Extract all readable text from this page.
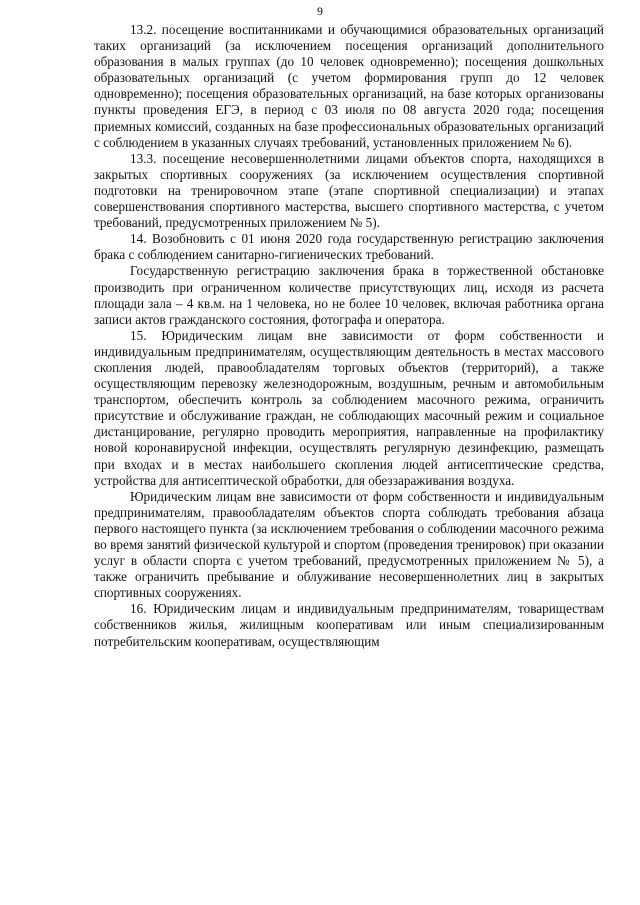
9

13.2. посещение воспитанниками и обучающимися образовательных организаций таких организаций (за исключением посещения организаций дополнительного образования в малых группах (до 10 человек одновременно); посещения дошкольных образовательных организаций (с учетом формирования групп до 12 человек одновременно); посещения образовательных организаций, на базе которых организованы пункты проведения ЕГЭ, в период с 03 июля по 08 августа 2020 года; посещения приемных комиссий, созданных на базе профессиональных образовательных организаций с соблюдением в указанных случаях требований, установленных приложением № 6).

13.3. посещение несовершеннолетними лицами объектов спорта, находящихся в закрытых спортивных сооружениях (за исключением осуществления спортивной подготовки на тренировочном этапе (этапе спортивной специализации) и этапах совершенствования спортивного мастерства, высшего спортивного мастерства, с учетом требований, предусмотренных приложением № 5).

14. Возобновить с 01 июня 2020 года государственную регистрацию заключения брака с соблюдением санитарно-гигиенических требований.

Государственную регистрацию заключения брака в торжественной обстановке производить при ограниченном количестве присутствующих лиц, исходя из расчета площади зала – 4 кв.м. на 1 человека, но не более 10 человек, включая работника органа записи актов гражданского состояния, фотографа и оператора.

15. Юридическим лицам вне зависимости от форм собственности и индивидуальным предпринимателям, осуществляющим деятельность в местах массового скопления людей, правообладателям торговых объектов (территорий), а также осуществляющим перевозку железнодорожным, воздушным, речным и автомобильным транспортом, обеспечить контроль за соблюдением масочного режима, ограничить присутствие и обслуживание граждан, не соблюдающих масочный режим и социальное дистанцирование, регулярно проводить мероприятия, направленные на профилактику новой коронавирусной инфекции, осуществлять регулярную дезинфекцию, размещать при входах и в местах наибольшего скопления людей антисептические средства, устройства для антисептической обработки, для обеззараживания воздуха.

Юридическим лицам вне зависимости от форм собственности и индивидуальным предпринимателям, правообладателям объектов спорта соблюдать требования абзаца первого настоящего пункта (за исключением требования о соблюдении масочного режима во время занятий физической культурой и спортом (проведения тренировок) при оказании услуг в области спорта с учетом требований, предусмотренных приложением № 5), а также ограничить пребывание и облуживание несовершеннолетних лиц в закрытых спортивных сооружениях.

16. Юридическим лицам и индивидуальным предпринимателям, товариществам собственников жилья, жилищным кооперативам или иным специализированным потребительским кооперативам, осуществляющим
